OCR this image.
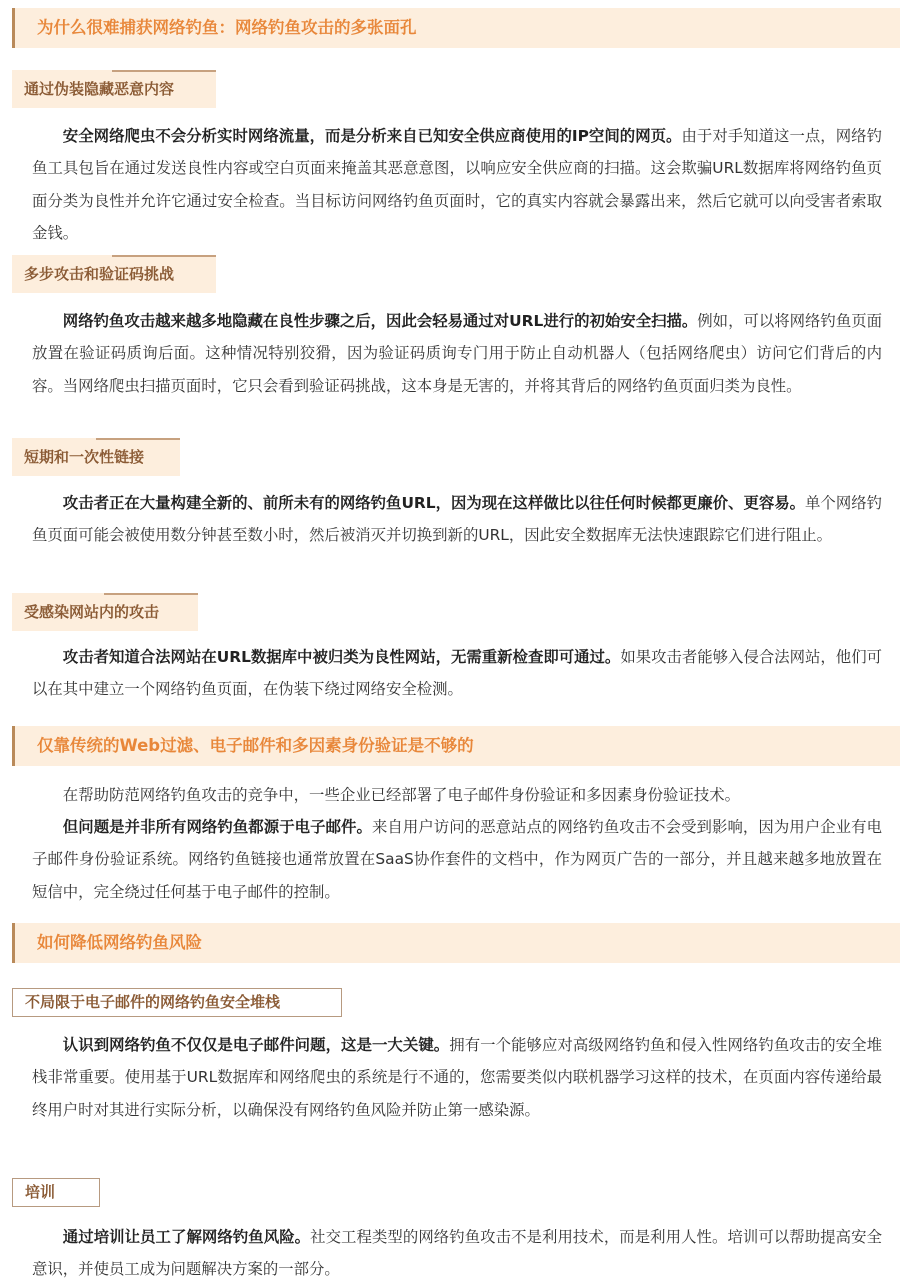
为什么很难捕获网络钓鱼：网络钓鱼攻击的多张面孔
通过伪装隐藏恶意内容

安全网络爬虫不会分析实时网络流量，而是分析来自已知安全供应商使用的IP空间的网页。由于对手知道这一点，网络钓鱼工具包旨在通过发送良性内容或空白页面来掩盖其恶意意图，以响应安全供应商的扫描。这会欺骗URL数据库将网络钓鱼页面分类为良性并允许它通过安全检查。当目标访问网络钓鱼页面时，它的真实内容就会暴露出来，然后它就可以向受害者索取金钱。

多步攻击和验证码挑战

网络钓鱼攻击越来越多地隐藏在良性步骤之后，因此会轻易通过对URL进行的初始安全扫描。例如，可以将网络钓鱼页面放置在验证码质询后面。这种情况特别狡猾，因为验证码质询专门用于防止自动机器人（包括网络爬虫）访问它们背后的内容。当网络爬虫扫描页面时，它只会看到验证码挑战，这本身是无害的，并将其背后的网络钓鱼页面归类为良性。

短期和一次性链接

攻击者正在大量构建全新的、前所未有的网络钓鱼URL，因为现在这样做比以往任何时候都更廉价、更容易。单个网络钓鱼页面可能会被使用数分钟甚至数小时，然后被消灭并切换到新的URL，因此安全数据库无法快速跟踪它们进行阻止。

受感染网站内的攻击

攻击者知道合法网站在URL数据库中被归类为良性网站，无需重新检查即可通过。如果攻击者能够入侵合法网站，他们可以在其中建立一个网络钓鱼页面，在伪装下绕过网络安全检测。

仅靠传统的Web过滤、电子邮件和多因素身份验证是不够的

在帮助防范网络钓鱼攻击的竞争中，一些企业已经部署了电子邮件身份验证和多因素身份验证技术。

但问题是并非所有网络钓鱼都源于电子邮件。来自用户访问的恶意站点的网络钓鱼攻击不会受到影响，因为用户企业有电子邮件身份验证系统。网络钓鱼链接也通常放置在SaaS协作套件的文档中，作为网页广告的一部分，并且越来越多地放置在短信中，完全绕过任何基于电子邮件的控制。

如何降低网络钓鱼风险
不局限于电子邮件的网络钓鱼安全堆栈

认识到网络钓鱼不仅仅是电子邮件问题，这是一大关键。拥有一个能够应对高级网络钓鱼和侵入性网络钓鱼攻击的安全堆栈非常重要。使用基于URL数据库和网络爬虫的系统是行不通的，您需要类似内联机器学习这样的技术，在页面内容传递给最终用户时对其进行实际分析，以确保没有网络钓鱼风险并防止第一感染源。

培训

通过培训让员工了解网络钓鱼风险。社交工程类型的网络钓鱼攻击不是利用技术，而是利用人性。培训可以帮助提高安全意识，并使员工成为问题解决方案的一部分。
